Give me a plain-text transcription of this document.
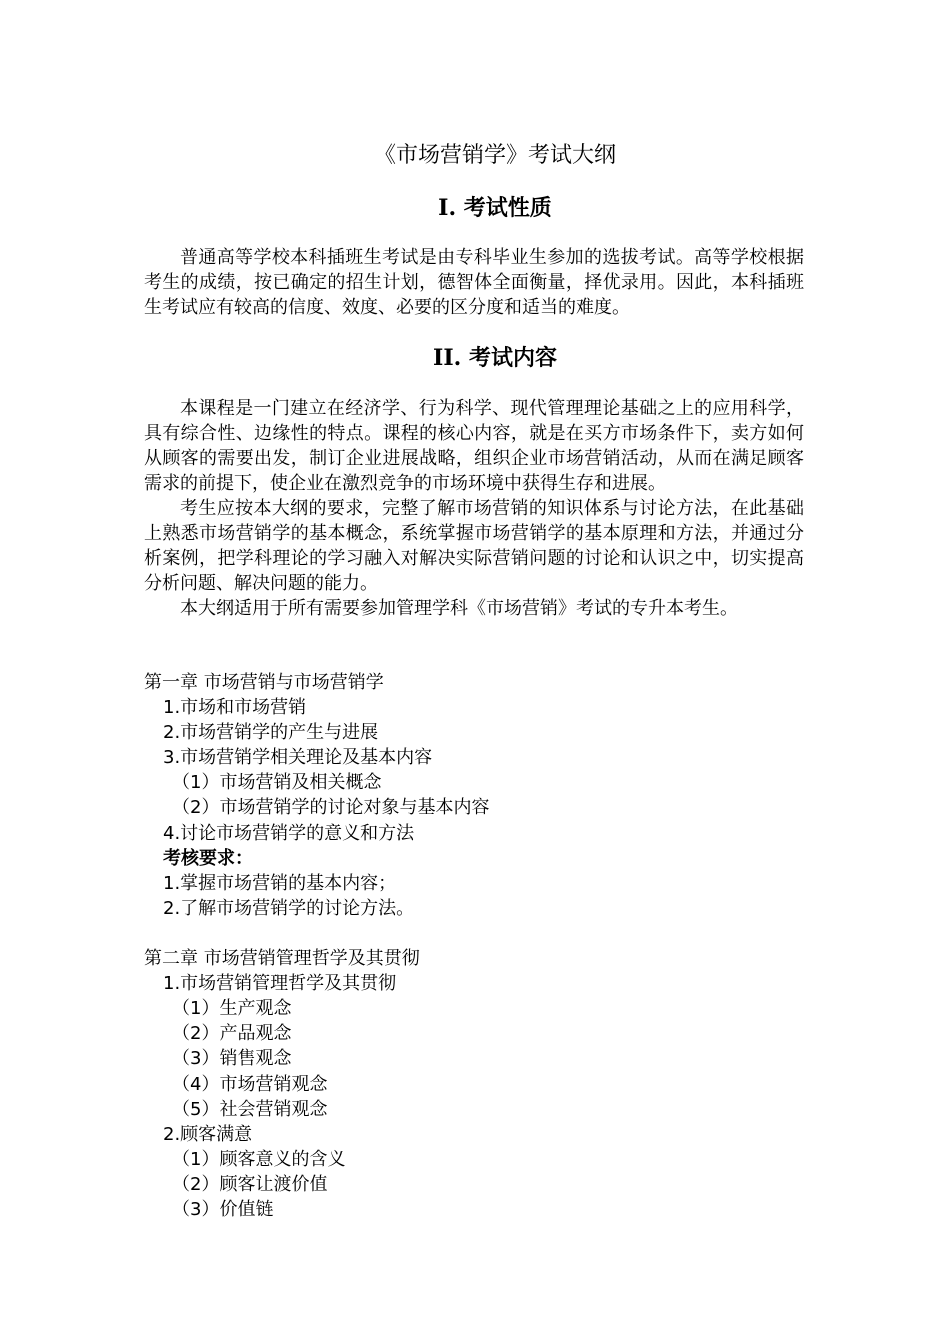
《市场营销学》考试大纲
I. 考试性质

普通高等学校本科插班生考试是由专科毕业生参加的选拔考试。高等学校根据考生的成绩，按已确定的招生计划，德智体全面衡量，择优录用。因此，本科插班生考试应有较高的信度、效度、必要的区分度和适当的难度。

II. 考试内容

本课程是一门建立在经济学、行为科学、现代管理理论基础之上的应用科学，具有综合性、边缘性的特点。课程的核心内容，就是在买方市场条件下，卖方如何从顾客的需要出发，制订企业进展战略，组织企业市场营销活动，从而在满足顾客需求的前提下，使企业在激烈竞争的市场环境中获得生存和进展。

考生应按本大纲的要求，完整了解市场营销的知识体系与讨论方法，在此基础上熟悉市场营销学的基本概念，系统掌握市场营销学的基本原理和方法，并通过分析案例，把学科理论的学习融入对解决实际营销问题的讨论和认识之中，切实提高分析问题、解决问题的能力。

本大纲适用于所有需要参加管理学科《市场营销》考试的专升本考生。

第一章 市场营销与市场营销学
1.市场和市场营销
2.市场营销学的产生与进展
3.市场营销学相关理论及基本内容
（1）市场营销及相关概念
（2）市场营销学的讨论对象与基本内容
4.讨论市场营销学的意义和方法
考核要求：
1.掌握市场营销的基本内容；
2.了解市场营销学的讨论方法。
第二章 市场营销管理哲学及其贯彻
1.市场营销管理哲学及其贯彻
（1）生产观念
（2）产品观念
（3）销售观念
（4）市场营销观念
（5）社会营销观念
2.顾客满意
（1）顾客意义的含义
（2）顾客让渡价值
（3）价值链
